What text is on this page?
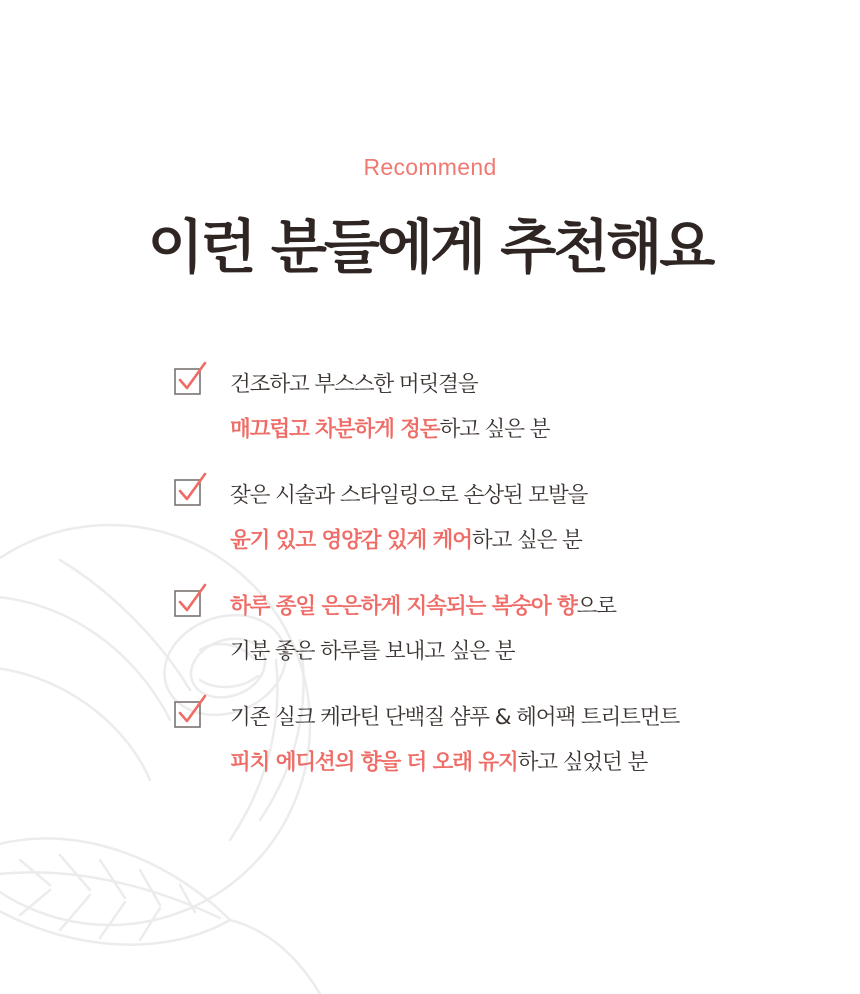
Recommend
이런 분들에게 추천해요
건조하고 부스스한 머릿결을
매끄럽고 차분하게 정돈하고 싶은 분
잦은 시술과 스타일링으로 손상된 모발을
윤기 있고 영양감 있게 케어하고 싶은 분
하루 종일 은은하게 지속되는 복숭아 향으로
기분 좋은 하루를 보내고 싶은 분
기존 실크 케라틴 단백질 샴푸 & 헤어팩 트리트먼트
피치 에디션의 향을 더 오래 유지하고 싶었던 분
